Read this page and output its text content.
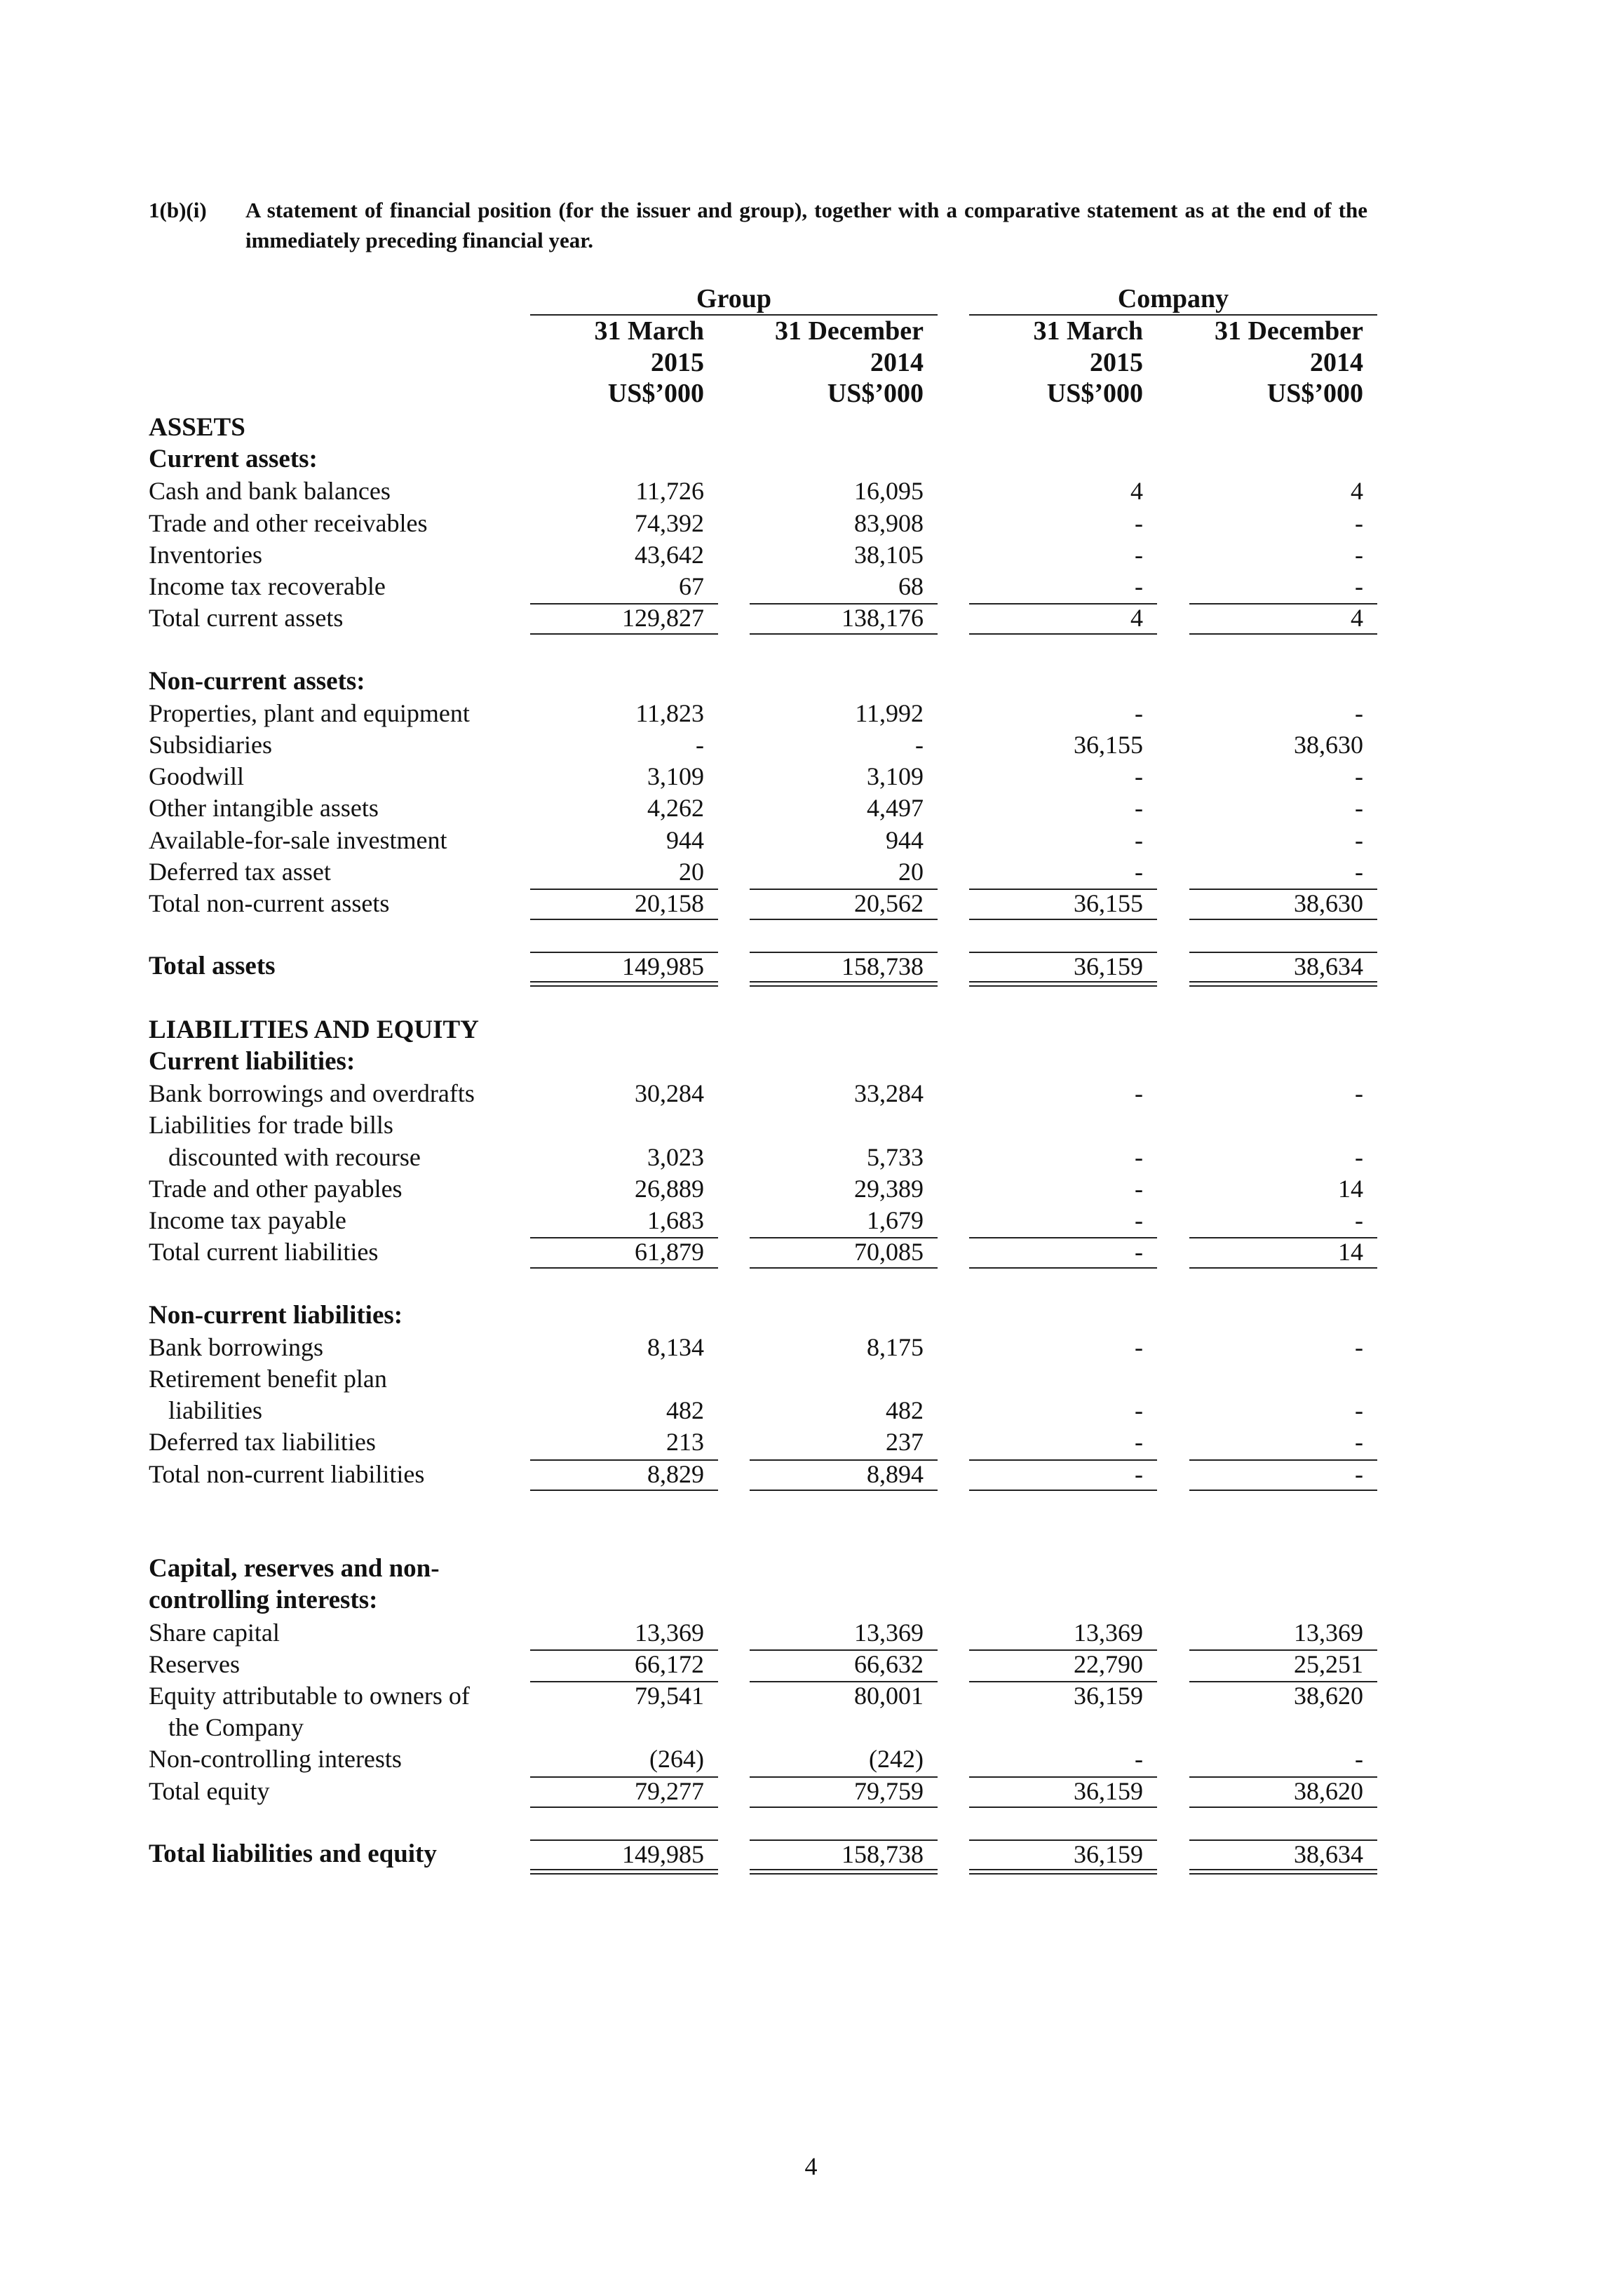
1(b)(i) A statement of financial position (for the issuer and group), together with a comparative statement as at the end of the immediately preceding financial year.
Group	Company
31 March
2015
US$’000
31 December
2014
US$’000
31 March
2015
US$’000
31 December
2014
US$’000
ASSETS
Current assets:
Cash and bank balances	11,726	16,095	4	4
Trade and other receivables	74,392	83,908	-	-
Inventories	43,642	38,105	-	-
Income tax recoverable	67	68	-	-
Total current assets	129,827	138,176	4	4
Non-current assets:
Properties, plant and equipment	11,823	11,992	-	-
Subsidiaries	-	-	36,155	38,630
Goodwill	3,109	3,109	-	-
Other intangible assets	4,262	4,497	-	-
Available-for-sale investment	944	944	-	-
Deferred tax asset	20	20	-	-
Total non-current assets	20,158	20,562	36,155	38,630
Total assets	149,985	158,738	36,159	38,634
LIABILITIES AND EQUITY
Current liabilities:
Bank borrowings and overdrafts	30,284	33,284	-	-
Liabilities for trade bills
discounted with recourse	3,023	5,733	-	-
Trade and other payables	26,889	29,389	-	14
Income tax payable	1,683	1,679	-	-
Total current liabilities	61,879	70,085	-	14
Non-current liabilities:
Bank borrowings	8,134	8,175	-	-
Retirement benefit plan
liabilities	482	482	-	-
Deferred tax liabilities	213	237	-	-
Total non-current liabilities	8,829	8,894	-	-
Capital, reserves and non-
controlling interests:
Share capital	13,369	13,369	13,369	13,369
Reserves	66,172	66,632	22,790	25,251
Equity attributable to owners of	79,541	80,001	36,159	38,620
the Company
Non-controlling interests	(264)	(242)	-	-
Total equity	79,277	79,759	36,159	38,620
Total liabilities and equity	149,985	158,738	36,159	38,634
4
